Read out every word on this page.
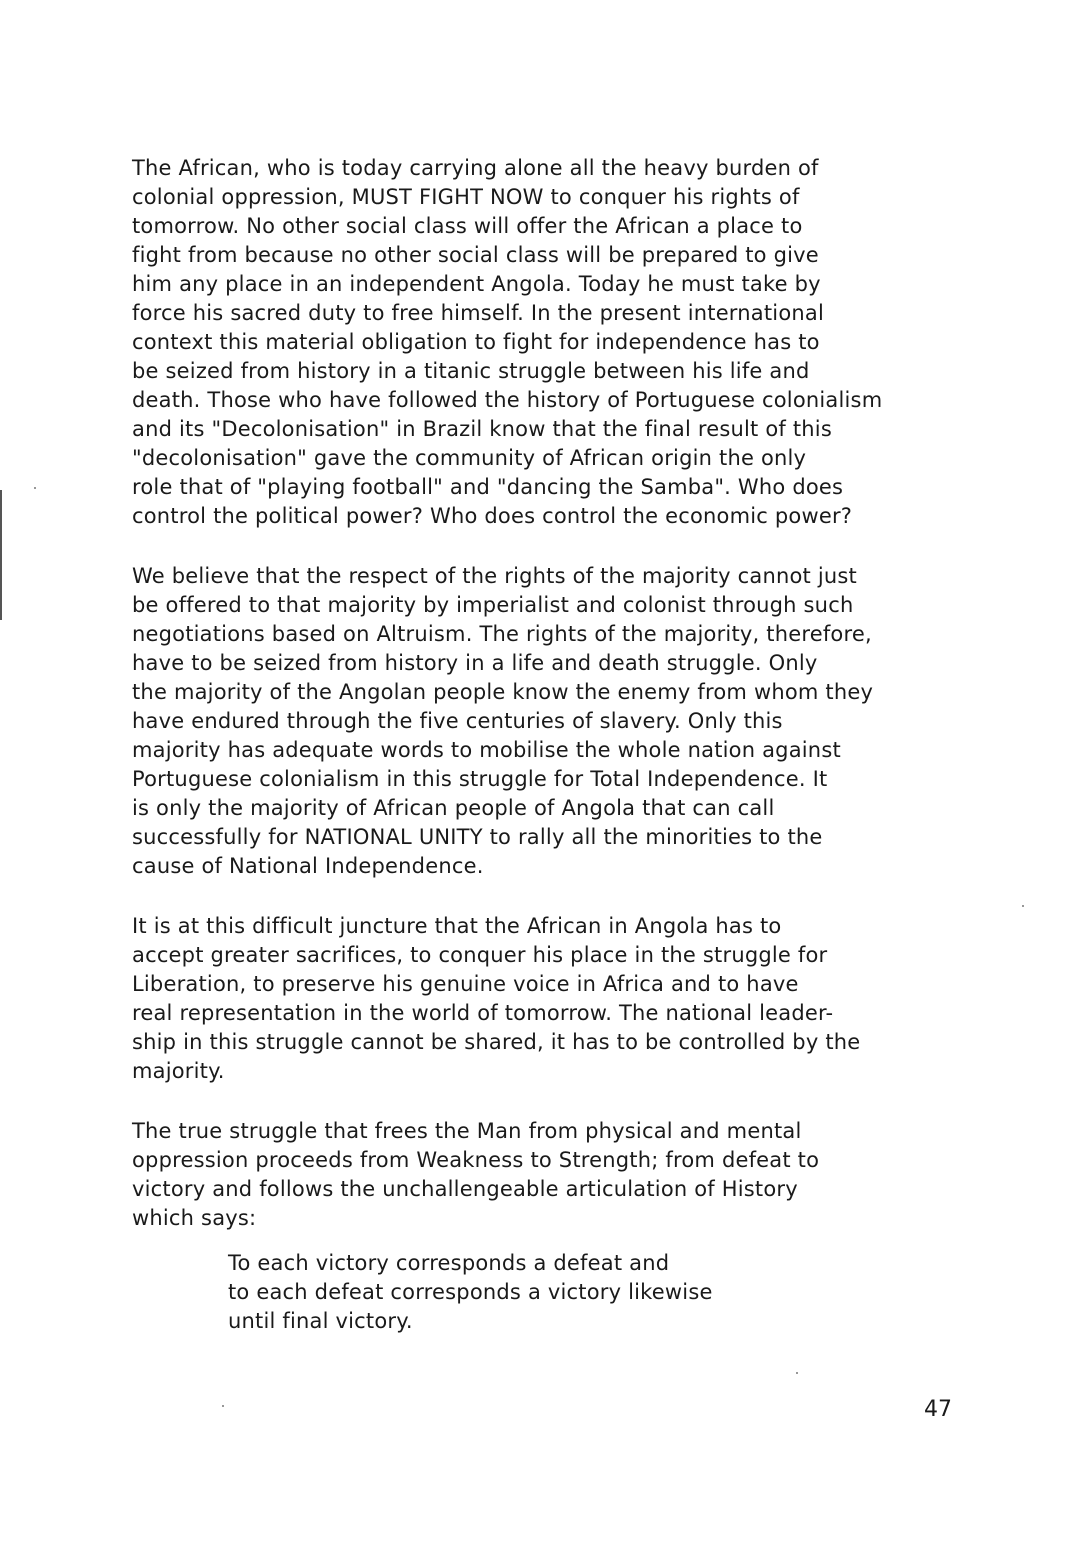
The African, who is today carrying alone all the heavy burden of
colonial oppression, MUST FIGHT NOW to conquer his rights of
tomorrow. No other social class will offer the African a place to
fight from because no other social class will be prepared to give
him any place in an independent Angola. Today he must take by
force his sacred duty to free himself. In the present international
context this material obligation to fight for independence has to
be seized from history in a titanic struggle between his life and
death. Those who have followed the history of Portuguese colonialism
and its "Decolonisation" in Brazil know that the final result of this
"decolonisation" gave the community of African origin the only
role that of "playing football" and "dancing the Samba". Who does
control the political power? Who does control the economic power?
We believe that the respect of the rights of the majority cannot just
be offered to that majority by imperialist and colonist through such
negotiations based on Altruism. The rights of the majority, therefore,
have to be seized from history in a life and death struggle. Only
the majority of the Angolan people know the enemy from whom they
have endured through the five centuries of slavery. Only this
majority has adequate words to mobilise the whole nation against
Portuguese colonialism in this struggle for Total Independence. It
is only the majority of African people of Angola that can call
successfully for NATIONAL UNITY to rally all the minorities to the
cause of National Independence.
It is at this difficult juncture that the African in Angola has to
accept greater sacrifices, to conquer his place in the struggle for
Liberation, to preserve his genuine voice in Africa and to have
real representation in the world of tomorrow. The national leader-
ship in this struggle cannot be shared, it has to be controlled by the
majority.
The true struggle that frees the Man from physical and mental
oppression proceeds from Weakness to Strength; from defeat to
victory and follows the unchallengeable articulation of History
which says:
To each victory corresponds a defeat and
to each defeat corresponds a victory likewise
until final victory.
47
